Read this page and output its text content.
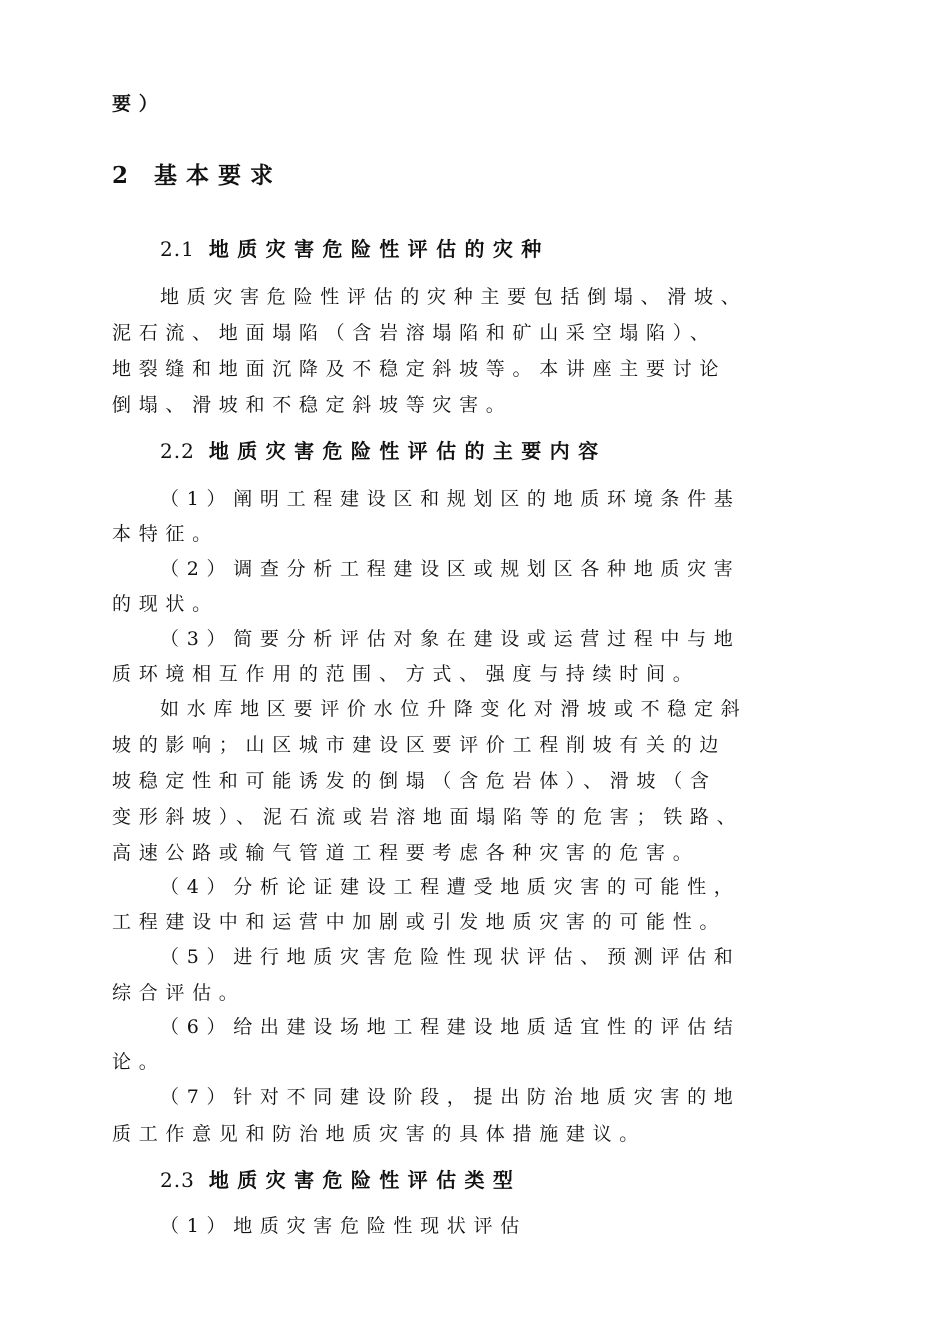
要）
2 基本要求
2.1 地质灾害危险性评估的灾种
地质灾害危险性评估的灾种主要包括倒塌、滑坡、
泥石流、地面塌陷（含岩溶塌陷和矿山采空塌陷）、
地裂缝和地面沉降及不稳定斜坡等。本讲座主要讨论
倒塌、滑坡和不稳定斜坡等灾害。
2.2 地质灾害危险性评估的主要内容
（1）阐明工程建设区和规划区的地质环境条件基
本特征。
（2）调查分析工程建设区或规划区各种地质灾害
的现状。
（3）简要分析评估对象在建设或运营过程中与地
质环境相互作用的范围、方式、强度与持续时间。
如水库地区要评价水位升降变化对滑坡或不稳定斜
坡的影响；山区城市建设区要评价工程削坡有关的边
坡稳定性和可能诱发的倒塌（含危岩体）、滑坡（含
变形斜坡）、泥石流或岩溶地面塌陷等的危害；铁路、
高速公路或输气管道工程要考虑各种灾害的危害。
（4）分析论证建设工程遭受地质灾害的可能性，
工程建设中和运营中加剧或引发地质灾害的可能性。
（5）进行地质灾害危险性现状评估、预测评估和
综合评估。
（6）给出建设场地工程建设地质适宜性的评估结
论。
（7）针对不同建设阶段，提出防治地质灾害的地
质工作意见和防治地质灾害的具体措施建议。
2.3 地质灾害危险性评估类型
（1）地质灾害危险性现状评估
